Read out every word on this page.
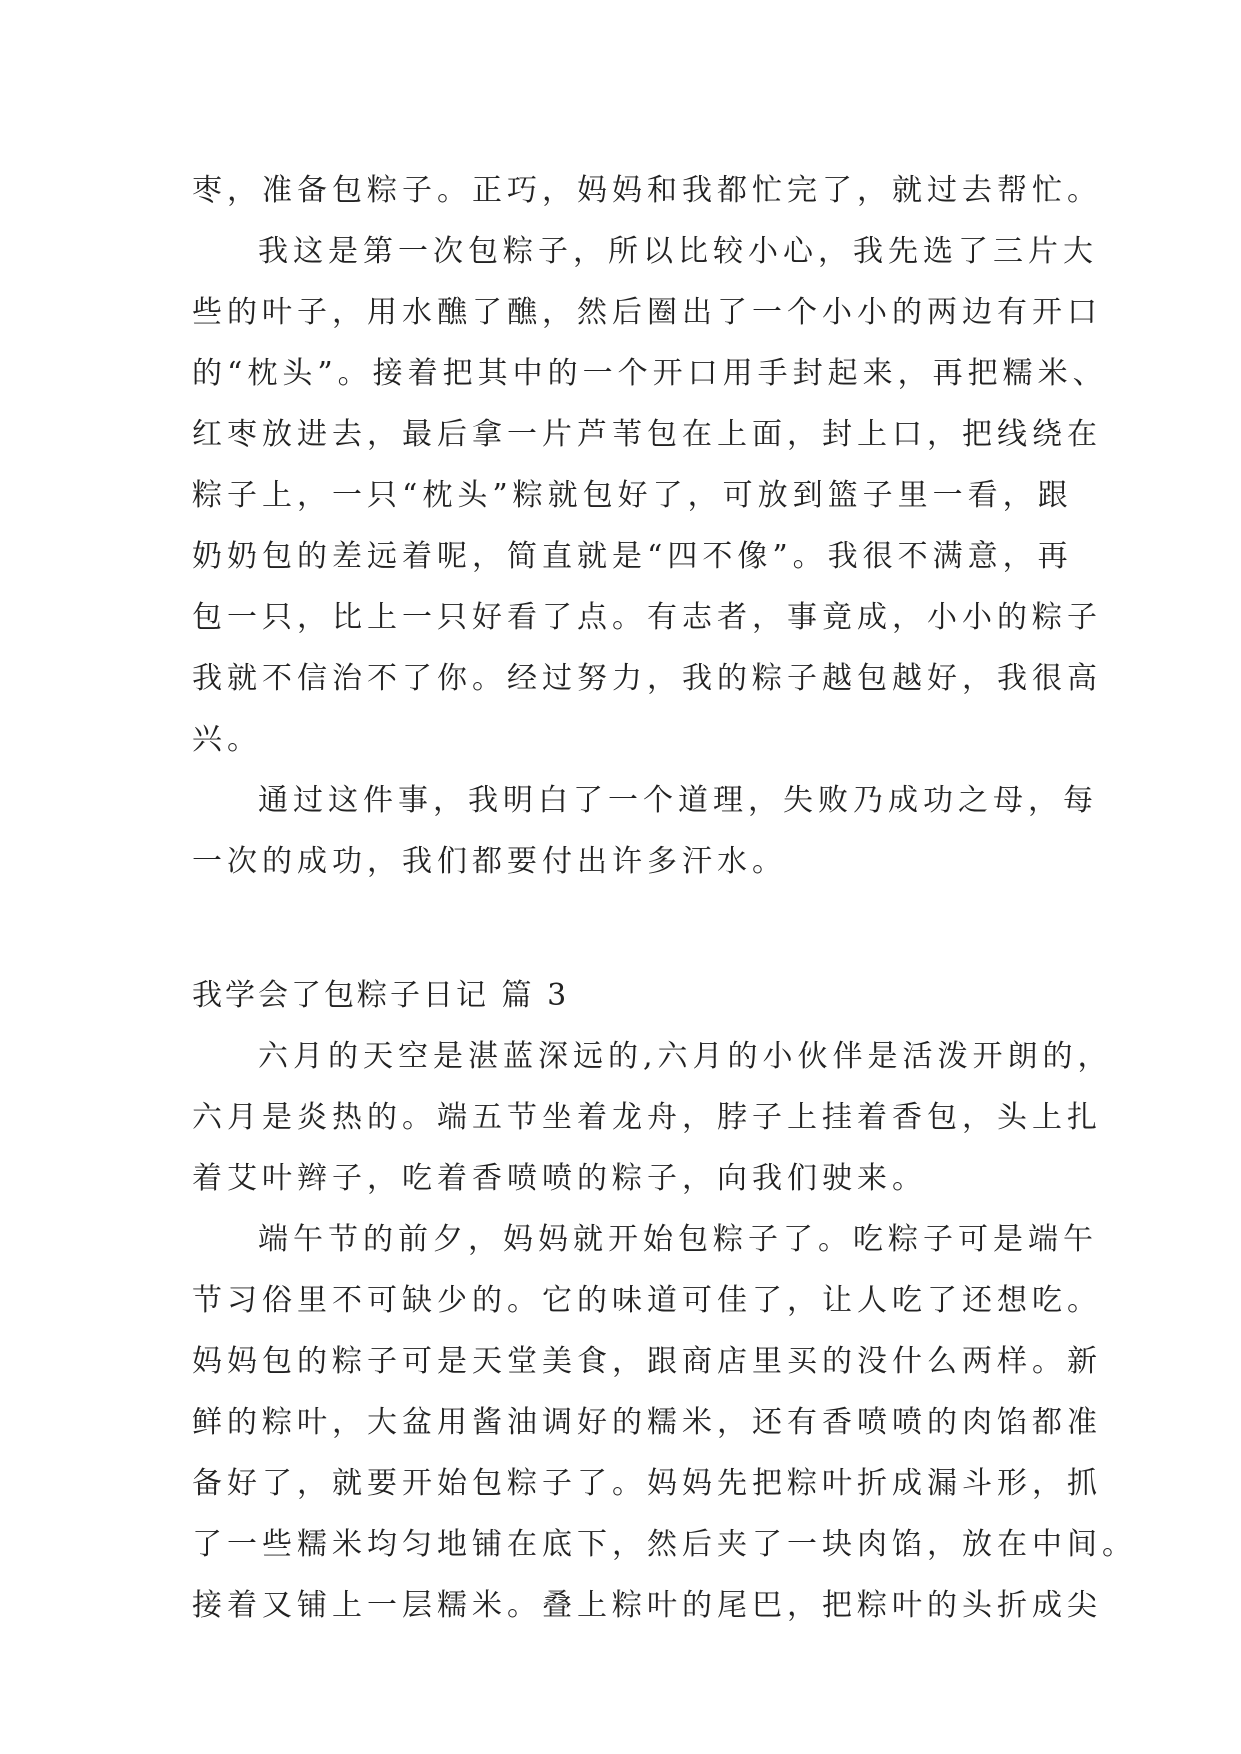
枣，准备包粽子。正巧，妈妈和我都忙完了，就过去帮忙。
我这是第一次包粽子，所以比较小心，我先选了三片大
些的叶子，用水醮了醮，然后圈出了一个小小的两边有开口
的“枕头”。接着把其中的一个开口用手封起来，再把糯米、
红枣放进去，最后拿一片芦苇包在上面，封上口，把线绕在
粽子上，一只“枕头”粽就包好了，可放到篮子里一看，跟
奶奶包的差远着呢，简直就是“四不像”。我很不满意，再
包一只，比上一只好看了点。有志者，事竟成，小小的粽子
我就不信治不了你。经过努力，我的粽子越包越好，我很高
兴。
通过这件事，我明白了一个道理，失败乃成功之母，每
一次的成功，我们都要付出许多汗水。
我学会了包粽子日记 篇 3
六月的天空是湛蓝深远的,六月的小伙伴是活泼开朗的，
六月是炎热的。端五节坐着龙舟，脖子上挂着香包，头上扎
着艾叶辫子，吃着香喷喷的粽子，向我们驶来。
端午节的前夕，妈妈就开始包粽子了。吃粽子可是端午
节习俗里不可缺少的。它的味道可佳了，让人吃了还想吃。
妈妈包的粽子可是天堂美食，跟商店里买的没什么两样。新
鲜的粽叶，大盆用酱油调好的糯米，还有香喷喷的肉馅都准
备好了，就要开始包粽子了。妈妈先把粽叶折成漏斗形，抓
了一些糯米均匀地铺在底下，然后夹了一块肉馅，放在中间。
接着又铺上一层糯米。叠上粽叶的尾巴，把粽叶的头折成尖
